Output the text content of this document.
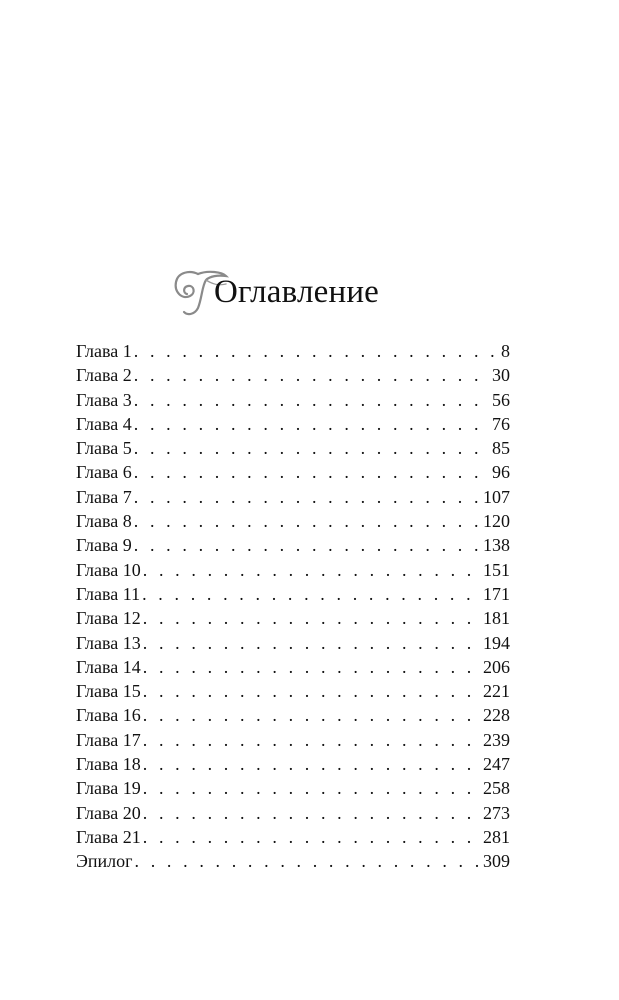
Оглавление
Глава 1 . . .	8
Глава 2 . . .	30
Глава 3 . . .	56
Глава 4 . . .	76
Глава 5 . . .	85
Глава 6 . . .	96
Глава 7 . . .	107
Глава 8 . . .	120
Глава 9 . . .	138
Глава 10 . . .	151
Глава 11 . . .	171
Глава 12 . . .	181
Глава 13 . . .	194
Глава 14 . . .	206
Глава 15 . . .	221
Глава 16 . . .	228
Глава 17 . . .	239
Глава 18 . . .	247
Глава 19 . . .	258
Глава 20 . . .	273
Глава 21 . . .	281
Эпилог . . .	309
